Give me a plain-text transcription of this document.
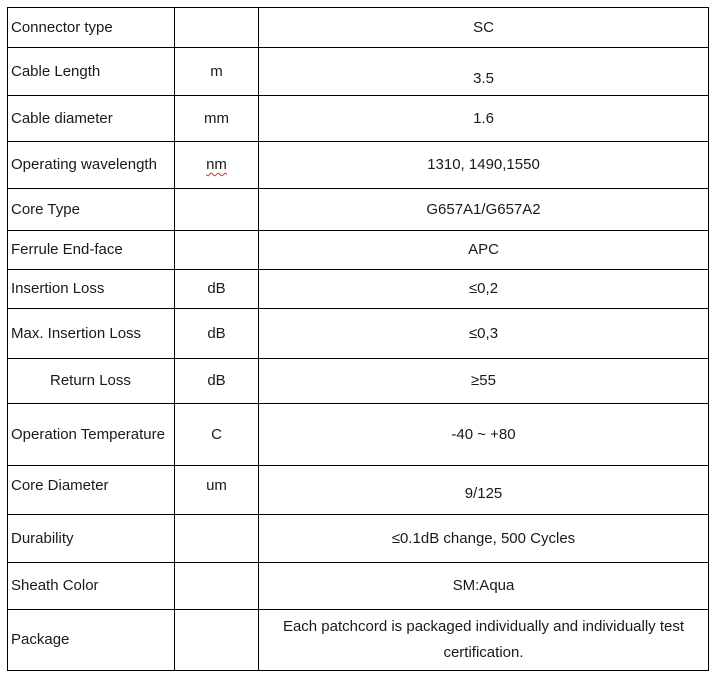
Connector type		SC
Cable Length	m	3.5
Cable diameter	mm	1.6
Operating wavelength	nm	1310, 1490,1550
Core Type		G657A1/G657A2
Ferrule End-face		APC
Insertion Loss	dB	≤0,2
Max. Insertion Loss	dB	≤0,3
Return Loss	dB	≥55
Operation Temperature	C	-40 ~ +80
Core Diameter	um	9/125
Durability		≤0.1dB change, 500 Cycles
Sheath Color		SM:Aqua
Package		Each patchcord is packaged individually and individually test certification.
